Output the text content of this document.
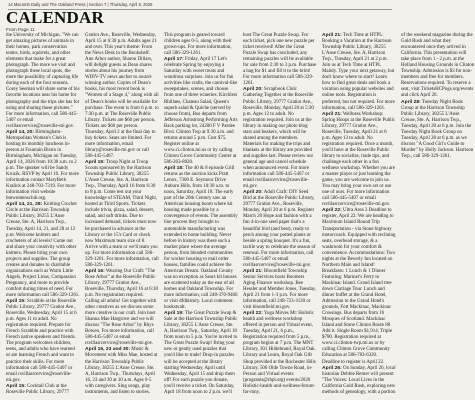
14 Macomb Daily and The Oakland Press | Section T | Thursday, April 9, 2026
CALENDAR
From Page 11

the University of Michigan. "We can get amazing pictures of animals in their homes, park conservation teams, birds, squirrels, and other elements that make for a great photograph. The more we visit and photograph these local spots, the more the possibility of capturing life during each of the four seasons. Corey Seeman will share some of his favorite locations near his home for photography and the trips she has for using and sharing those pictures." For more information, call 586-445-5407 or email rsvillasrcervice@roseville-mi.gov.

April 14, 20: Birmingham-Metropolitan Women's Club is hosting its monthly luncheon in-person at Fountain Bistro in Birmingham, Michigan on Tuesday, April 14, 2026 from 10:30 a.m. to 2 p.m. The speaker will be Sandy Kruzik. RSVP by April 10. For more information contact MaryBeth Kralick at 248-703-7319. For more information visit website bmwomensclub.org.

April 14, 21, 28: Knitting Crochet Circle at the Harrison Township Public Library, 38255 L'Anse Creuse, Ste. A, Harrison Twp., Tuesday, April 14, 21, and 28 at 12 p.m. Welcome knitters and crocheters of all levels! Come out and share your creativity with other knitters. Please bring your own projects and supplies. The group creates and donates to charitable organizations such as Warm Little Angels, Project Linus, Compassion Pregnancy, and more to provide comfort during times of need. For more information call 586-329-1261.

April 15: Scrabble at the Roseville Public Library, 29777 Gratiot Ave., Roseville, Wednesday, April 15 at 6 p.m. Ages 11 to adult. No registration required. Prepare for French Scrabble and practice with French native speakers and friends. The program welcomes children, teens, and adults who have learned or are learning French and want to practice their skills. For more information call 586-445-5407 or email rsvillasrcervice@roseville-mi.gov.

April 15: Cocktail Club at the Roseville Public Library, 29777 Gratiot Ave., Roseville, Wednesday, April 15 at 6:30 p.m. Adults ages 21 and over. This year's theme: From the News Desk to the Bookshelf. Ann Arbor author, Sharon Dillars, will delight guests as Dean shares stories about his journey from WDIV-TV news anchor to award-winning author. Copies of Dean's books, his most recent book is "Women of a Stage 4," along with all of Dean's books will be available for purchase. The event is from 6 p.m. to 7:30 p.m. at The Roseville Public Library. Tickets are $60 per person. Tickets are $60 per person. Thursday, April 2 at the final day to buy tickets. Seats are limited. For more information, email library@roseville-mi.gov or call 586-445-5407.

April 15: Troop Night at Troop Scouts sponsored by the Harrison Township Public Library, 38255 L'Anse Creuse, Ste. A, Harrison Twp., Thursday, April 16 from 6:30 to 8 p.m. Come test out your knowledge of STEAM, Third Night, hosted at Third Sports. Tickets include trivia, pizza, salad, dessert, salad, and soft drinks. Due to increased demand, tickets must now be purchased in advance at the Library or the 15's Card or check now Maximum team size of 8. Arrive with a team or we'll team you up. For more information call 586-329-1261. For more information, call 586-329-1261.

April 16: Wearing Our Craft: "The Rose Arbor" at the Roseville Public Library, 29777 Gratiot Ave., Roseville, Thursday, April 16 at 6:30 p.m. No registration required. Calling all adults! Get together with other creatives as we discuss some more creative in our craft. Join host Shanna Mae Hargrove and we will discuss "The Rose Arbor" by Rhys Bowen. For more information, call 586-445-5407 or email rsvillasrcervice@roseville-mi.gov.

April 16, 23 and 30: Music & Movement with Miss Mae, hosted at the Harrison Township Public Library, 38255 L'Anse Creuse, Ste. A, Harrison Twp., Thursdays, April 16, 23 and 30 at 10 a.m. Ages 0-5 with caregivers. Sing songs, play instruments, and listen to stories. This program is geared toward children ages 0-5, along with their grown-ups. For more information, call 586-329-1261.

April 17: Friday, April 17 Let's celebrate Spring by enjoying a Saturday with sweet treats and wondrous surprises. Join us for fun activities like crafts, the carnival-like sweepstakes, scenes, and choose from one of three wineries: Kirchlers Rhillaes, Chateau Salad, Queen's superb salad & Quiche (served by choose from), Bus departs from Jefferson Armstrong Performing Arts Back parking lot, 24200 F V Pardee Blvd. Clinton Twp at 9:30 a.m. and returns around 5 p.m. Cost $75. Register online at www.ci.clinton.mi.us or by calling Clinton Grove Community Center at 586-263-8020.

April 18: The 40 & 8 episode Grill returns as the auction kicks Pratt Lenox, 7300 E. Seymour Drive Auburn Hills, from 10:30 a.m. to noon, Saturday, April 18. The early part of the 20th Century saw an American housing boom where kit housing made possible by a convergence of events. The assembly line process they brought to automobile manufacturing was extended to home building. Never before in history was there such a market place where the average person, from blended communities for worker housing to mail order houses, families could achieve the American Dream. Oakland County was no exception as Sears kit houses are scattered today as the east of all homes and Oakland Township. For more information, call 248-370-9466 or visit dfdhistory. Local comment: hookstvalt.

April 19: The Great Puzzle Swap & Sale at the Harrison Township Public Library, 38255 L'Anse Creuse, Ste. A, Harrison Twp., Saturday, April 18 from noon to 5 p.m. You're invited to The Great Puzzle Swap! Bring your new or gently used puzzles that you'd like to trade! Drop-in puzzles will be accepted at the library starting Wednesday, April until Wednesday, April 15 and drop them off! For each puzzle you donate, you'll receive a ticket. On Saturday, April 18 from noon to 2 p.m. we'll host The Great Puzzle Swap. For each ticket, pick one new puzzle per ticket received! After the Great Puzzle Swap has concluded, any remaining puzzles will be available for sale from 2:30 to 3 p.m. Purchase a bag for $1 and fill it to the brim! For more information call 586-329-1261.

April 20: Scrapbook Club: Gathering Together at the Roseville Public Library, 29777 Gratiot Ave., Roseville, Monday, April 20 at 5:30 p.m. Ages 12 to adult. No registration required. Join us at the library in making our photo blog stars and beakers, which will be shared among the members. Materials for making the trips and blankets at the library are provided and supplies last. Please review our general age and cancel schedule when announced event. For more information call 586-445-5407 or email rsvillasrcervice@roseville-mi.gov.

April 20: Adult Craft: DIY Seed Bird at the Roseville Public Library, 29777 Gratiot Ave., Roseville, Monday, April 20 at 6 p.m. Register March 20 Hope and fashion with a fun 4-in-one seed paper that's a beautiful bird (and best), ready to perch among your potted plants or beside a spring bouquet. It's a fun, tactile way to celebrate the season of renewal. For more information, call 586-445-5407 or email rsvillasrcervice@roseville-mi.gov.

April 21: Bloomfield Township Senior Services hosts Boomers Aging Finance workshop. Bee Hessler and Member Jones, Tuesday, April 21 from 1-3 p.m. For more information, call 248-723-3130 or visit bloomfield.mi.gov.

April 22: Yoga Moves Mt: Holistic health and wellness workshop offered in person and Virtual event, Tuesday, April 21, 6 p.m., Registration required from 5 p.m., program begins at 7 p.m. The MNT Library, 301 Hildebrand, Royal Oak. Library and Learn, Royal Oak Gift Shop provided at the Rochester Hills Library, 500 Olde Towne Road, in-Person and Virtual events (programs@rhpl.org) events/2026 Holistic-health-and-wellness-forum-for-mny.

April 21: Tech Time at HTPL: Booking a Vacation at the Harrison Township Public Library, 38255 L'Anse Creuse, Ste. A, Harrison Twp., Tuesday, April 21 at 2 p.m. Join us at Tech Time at HTPL Mainly. Type your next getaway, but don't know where to start? Learn how to find great deals and book a vacation using popular websites and online tools. Registration is preferred, but not required. For more information, call 586-329-1261.

April 21: Wellness Workshop: Spring Hoops at the Roseville Public Library, 29777 Gratiot Ave., Roseville, Tuesday, April 21 at 6 p.m. Ages 13 to adult. No registration required. Once a month, you'll have at the Roseville Public library to socialize, trade tips, and challenge each other in a fun wellness workshop. Whether you are a master player or just learning the game, you are welcome to join us. You may bring your own set or use one of ours. For more information call 586-445-5407 or email rsvillasrcervice@roseville-mi.gov.

April 22: Ultra Area 3 Deadline to register, April 22: We are heading to Maximum Island Round Trip Transportation - via Stone highway motorcoach. Equipped with reclining seats, overhead storage, & a washroom for your comfort & convenience. Accommodations: Two nights at the Beverly Inn located on Northern Main and Island! Breakfasts: 1 Lunch & 1 Dinner Featuring: Mariner's Ferry to Mackinac Island. Grand Island tree down Carriage Tour. Lunch and dinner buffet at the Grand Hotel, Admission to the Grand Hotel's grounds, Fort Mackinac, Mackinac Crossings. Bus departs from 16 Mosques of Scotland. Mackinac Island and Stone Clinton Route 80 Add it. Single Room $1,914, Triple $780. Registration required at www.ci.clinton-twp.mi.us or by calling Clinton Grove Community Education at 586-783-6320. Deadline to register is April 22.

April 26: On Sunday, April 26, local historian Debbie Remer will present "The Voices: Local Lives in the California Gold Rush, exploring new methods of genealogy, with a portion of the weekend magazine during the Gold Rush and what they encountered once they arrived in California. This presentation will take place from 1 - 2 p.m. at the Holland Housing Grounds in Clinton Township. Admission is $3 for non-members and free for members. Reservations required. To reserve a seat, visit TicketsHCPogs.org/events and click April 26.

April 28: Tuesday Night Book Group at the Harrison Township Public Library, 38255 L'Anse Creuse, Ste. A, Harrison Twp., Tuesday, April 28 at 6 p.m. Join the Tuesday Night Book Group on Tuesday, April 28 at 6 p.m. as we discuss "A Good Girl's Guide to Murder" by Holly Jackson. Harrison Twp., call 586-329-1261.
